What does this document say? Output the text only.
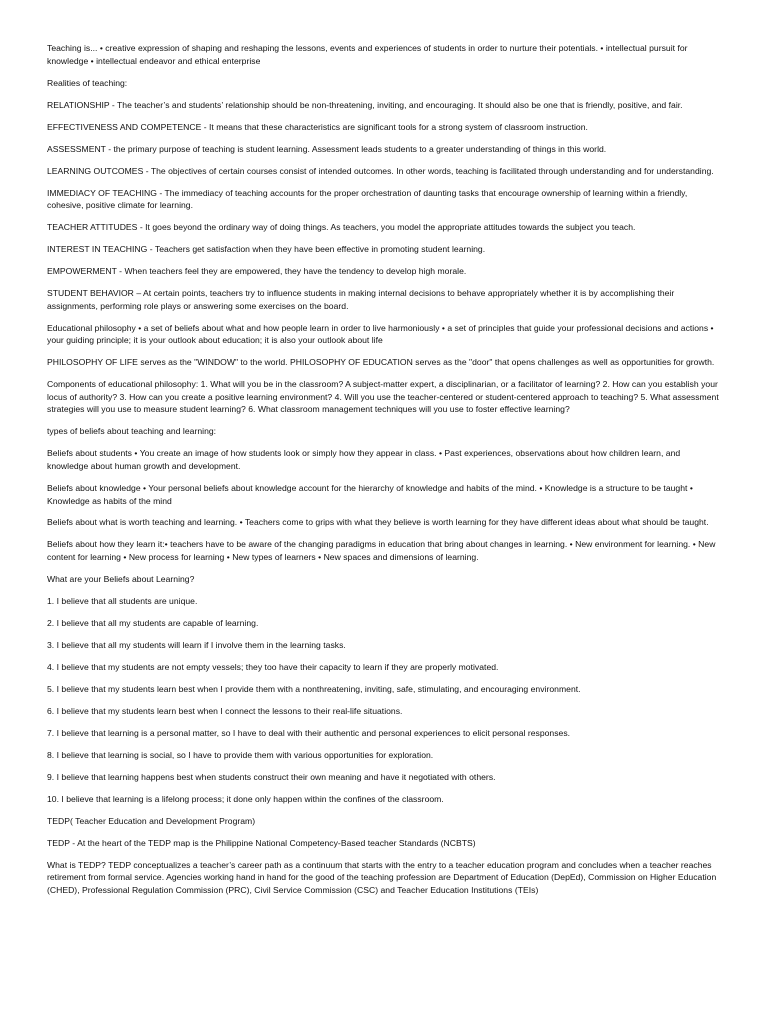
Teaching is... • creative expression of shaping and reshaping the lessons, events and experiences of students in order to nurture their potentials. • intellectual pursuit for knowledge • intellectual endeavor and ethical enterprise

Realities of teaching:

RELATIONSHIP - The teacher’s and students’ relationship should be non-threatening, inviting, and encouraging. It should also be one that is friendly, positive, and fair.

EFFECTIVENESS AND COMPETENCE - It means that these characteristics are significant tools for a strong system of classroom instruction.

ASSESSMENT - the primary purpose of teaching is student learning. Assessment leads students to a greater understanding of things in this world.

LEARNING OUTCOMES - The objectives of certain courses consist of intended outcomes. In other words, teaching is facilitated through understanding and for understanding.

IMMEDIACY OF TEACHING - The immediacy of teaching accounts for the proper orchestration of daunting tasks that encourage ownership of learning within a friendly, cohesive, positive climate for learning.

TEACHER ATTITUDES - It goes beyond the ordinary way of doing things. As teachers, you model the appropriate attitudes towards the subject you teach.

INTEREST IN TEACHING - Teachers get satisfaction when they have been effective in promoting student learning.

EMPOWERMENT - When teachers feel they are empowered, they have the tendency to develop high morale.

STUDENT BEHAVIOR – At certain points, teachers try to influence students in making internal decisions to behave appropriately whether it is by accomplishing their assignments, performing role plays or answering some exercises on the board.

Educational philosophy • a set of beliefs about what and how people learn in order to live harmoniously • a set of principles that guide your professional decisions and actions • your guiding principle; it is your outlook about education; it is also your outlook about life

PHILOSOPHY OF LIFE serves as the "WINDOW" to the world. PHILOSOPHY OF EDUCATION serves as the "door" that opens challenges as well as opportunities for growth.

Components of educational philosophy: 1. What will you be in the classroom? A subject-matter expert, a disciplinarian, or a facilitator of learning? 2. How can you establish your locus of authority? 3. How can you create a positive learning environment? 4. Will you use the teacher-centered or student-centered approach to teaching? 5. What assessment strategies will you use to measure student learning? 6. What classroom management techniques will you use to foster effective learning?

types of beliefs about teaching and learning:

Beliefs about students • You create an image of how students look or simply how they appear in class. • Past experiences, observations about how children learn, and knowledge about human growth and development.

Beliefs about knowledge • Your personal beliefs about knowledge account for the hierarchy of knowledge and habits of the mind. • Knowledge is a structure to be taught • Knowledge as habits of the mind

Beliefs about what is worth teaching and learning. • Teachers come to grips with what they believe is worth learning for they have different ideas about what should be taught.

Beliefs about how they learn it:• teachers have to be aware of the changing paradigms in education that bring about changes in learning. • New environment for learning. • New content for learning • New process for learning • New types of learners • New spaces and dimensions of learning.

What are your Beliefs about Learning?

1. I believe that all students are unique.

2. I believe that all my students are capable of learning.

3. I believe that all my students will learn if I involve them in the learning tasks.

4. I believe that my students are not empty vessels; they too have their capacity to learn if they are properly motivated.

5. I believe that my students learn best when I provide them with a nonthreatening, inviting, safe, stimulating, and encouraging environment.

6. I believe that my students learn best when I connect the lessons to their real-life situations.

7. I believe that learning is a personal matter, so I have to deal with their authentic and personal experiences to elicit personal responses.

8. I believe that learning is social, so I have to provide them with various opportunities for exploration.

9. I believe that learning happens best when students construct their own meaning and have it negotiated with others.

10. I believe that learning is a lifelong process; it done only happen within the confines of the classroom.

TEDP( Teacher Education and Development Program)

TEDP - At the heart of the TEDP map is the Philippine National Competency-Based teacher Standards (NCBTS)

What is TEDP? TEDP conceptualizes a teacher’s career path as a continuum that starts with the entry to a teacher education program and concludes when a teacher reaches retirement from formal service. Agencies working hand in hand for the good of the teaching profession are Department of Education (DepEd), Commission on Higher Education (CHED), Professional Regulation Commission (PRC), Civil Service Commission (CSC) and Teacher Education Institutions (TEIs)
